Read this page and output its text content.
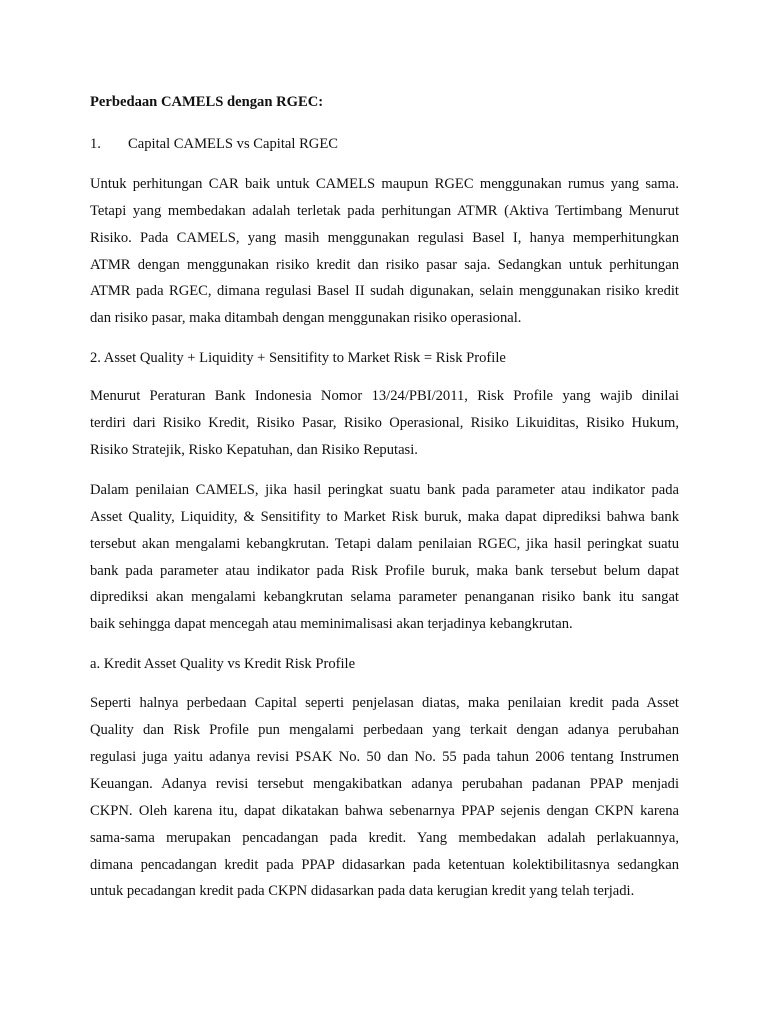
Perbedaan CAMELS dengan RGEC:
1. Capital CAMELS vs Capital RGEC
Untuk perhitungan CAR baik untuk CAMELS maupun RGEC menggunakan rumus yang sama.
Tetapi yang membedakan adalah terletak pada perhitungan ATMR (Aktiva Tertimbang Menurut
Risiko. Pada CAMELS, yang masih menggunakan regulasi Basel I, hanya memperhitungkan
ATMR dengan menggunakan risiko kredit dan risiko pasar saja. Sedangkan untuk perhitungan
ATMR pada RGEC, dimana regulasi Basel II sudah digunakan, selain menggunakan risiko kredit
dan risiko pasar, maka ditambah dengan menggunakan risiko operasional.
2. Asset Quality + Liquidity + Sensitifity to Market Risk = Risk Profile
Menurut Peraturan Bank Indonesia Nomor 13/24/PBI/2011, Risk Profile yang wajib dinilai
terdiri dari Risiko Kredit, Risiko Pasar, Risiko Operasional, Risiko Likuiditas, Risiko Hukum,
Risiko Stratejik, Risko Kepatuhan, dan Risiko Reputasi.
Dalam penilaian CAMELS, jika hasil peringkat suatu bank pada parameter atau indikator pada
Asset Quality, Liquidity, & Sensitifity to Market Risk buruk, maka dapat diprediksi bahwa bank
tersebut akan mengalami kebangkrutan. Tetapi dalam penilaian RGEC, jika hasil peringkat suatu
bank pada parameter atau indikator pada Risk Profile buruk, maka bank tersebut belum dapat
diprediksi akan mengalami kebangkrutan selama parameter penanganan risiko bank itu sangat
baik sehingga dapat mencegah atau meminimalisasi akan terjadinya kebangkrutan.
a. Kredit Asset Quality vs Kredit Risk Profile
Seperti halnya perbedaan Capital seperti penjelasan diatas, maka penilaian kredit pada Asset
Quality dan Risk Profile pun mengalami perbedaan yang terkait dengan adanya perubahan
regulasi juga yaitu adanya revisi PSAK No. 50 dan No. 55 pada tahun 2006 tentang Instrumen
Keuangan. Adanya revisi tersebut mengakibatkan adanya perubahan padanan PPAP menjadi
CKPN. Oleh karena itu, dapat dikatakan bahwa sebenarnya PPAP sejenis dengan CKPN karena
sama-sama merupakan pencadangan pada kredit. Yang membedakan adalah perlakuannya,
dimana pencadangan kredit pada PPAP didasarkan pada ketentuan kolektibilitasnya sedangkan
untuk pecadangan kredit pada CKPN didasarkan pada data kerugian kredit yang telah terjadi.
